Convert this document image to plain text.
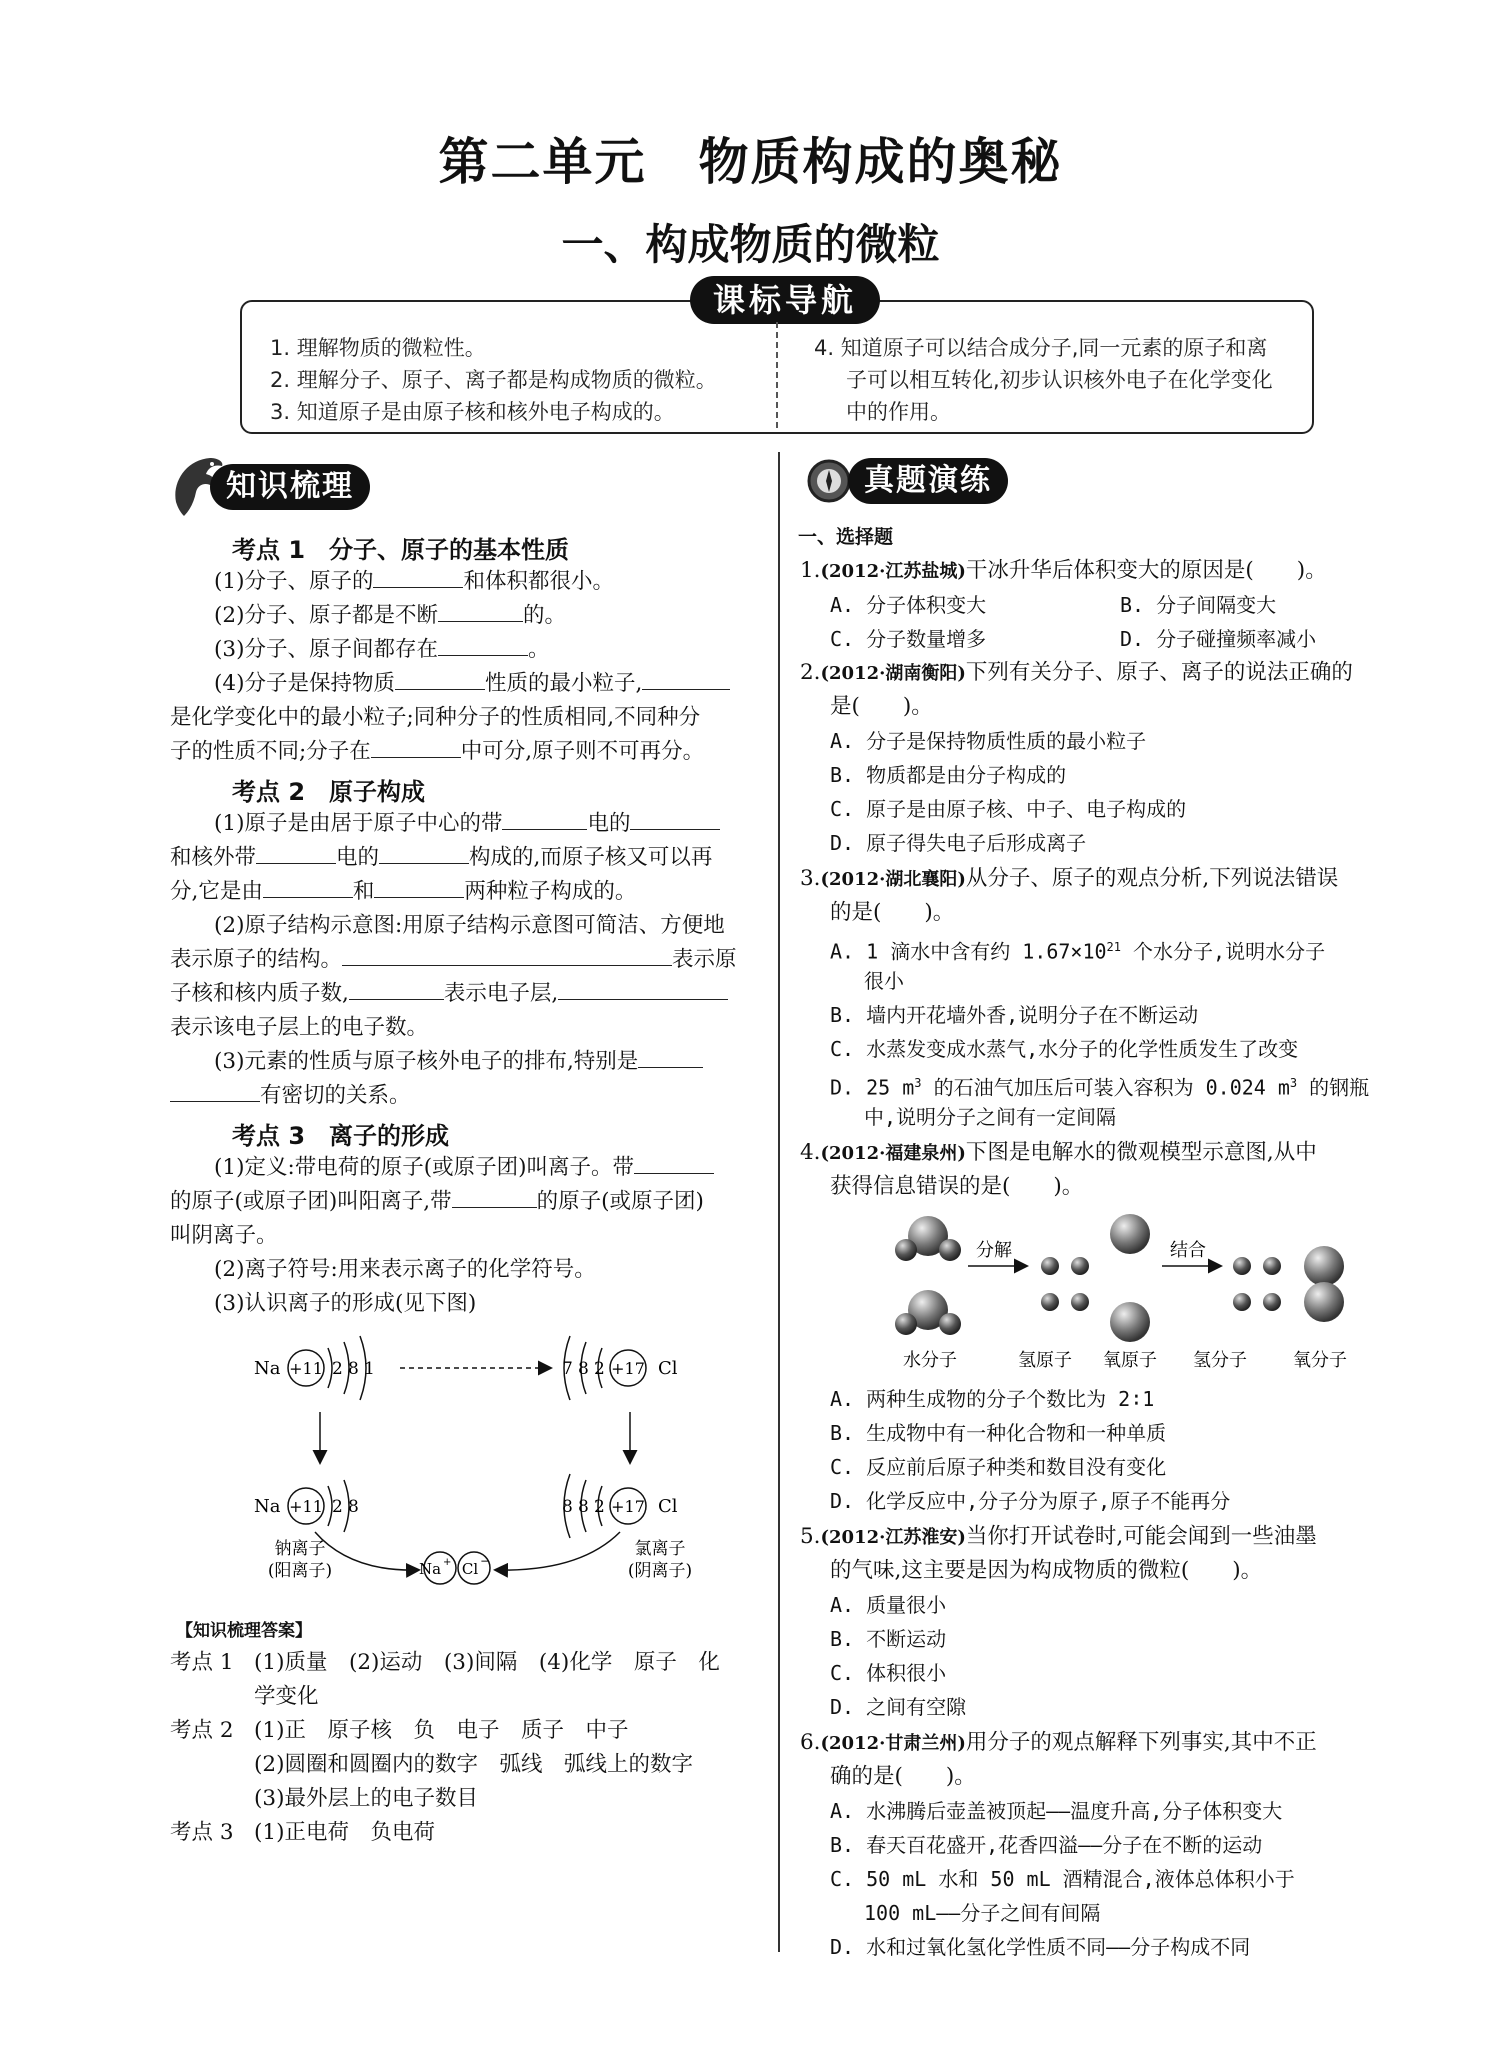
第二单元　物质构成的奥秘
一、构成物质的微粒
课标导航
1. 理解物质的微粒性。
2. 理解分子、原子、离子都是构成物质的微粒。
3. 知道原子是由原子核和核外电子构成的。
4. 知道原子可以结合成分子,同一元素的原子和离
子可以相互转化,初步认识核外电子在化学变化
中的作用。
知识梳理
考点 1　分子、原子的基本性质
(1)分子、原子的	和体积都很小。
(2)分子、原子都是不断	的。
(3)分子、原子间都存在	。
(4)分子是保持物质	性质的最小粒子,
是化学变化中的最小粒子;同种分子的性质相同,不同种分
子的性质不同;分子在	中可分,原子则不可再分。
考点 2　原子构成
(1)原子是由居于原子中心的带	电的
和核外带	电的	构成的,而原子核又可以再
分,它是由	和	两种粒子构成的。
(2)原子结构示意图:用原子结构示意图可简洁、方便地
表示原子的结构。	表示原
子核和核内质子数,	表示电子层,
表示该电子层上的电子数。
(3)元素的性质与原子核外电子的排布,特别是
有密切的关系。
考点 3　离子的形成
(1)定义:带电荷的原子(或原子团)叫离子。带
的原子(或原子团)叫阳离子,带	的原子(或原子团)
叫阴离子。
(2)离子符号:用来表示离子的化学符号。
(3)认识离子的形成(见下图)
Na +11 2 8 1	7 8 2 +17 Cl
Na +11 2 8
钠离子
(阳离子)
8 8 2 +17 Cl
氯离子
(阴离子)
Na + Cl −
【知识梳理答案】
考点 1 (1)质量　(2)运动　(3)间隔　(4)化学　原子　化
学变化
考点 2 (1)正　原子核　负　电子　质子　中子
(2)圆圈和圆圈内的数字　弧线　弧线上的数字
(3)最外层上的电子数目
考点 3 (1)正电荷　负电荷
真题演练
一、选择题
1.(2012·江苏盐城)干冰升华后体积变大的原因是(　　)。
A. 分子体积变大	B. 分子间隔变大
C. 分子数量增多	D. 分子碰撞频率减小
2.(2012·湖南衡阳)下列有关分子、原子、离子的说法正确的
是(　　)。
A. 分子是保持物质性质的最小粒子
B. 物质都是由分子构成的
C. 原子是由原子核、中子、电子构成的
D. 原子得失电子后形成离子
3.(2012·湖北襄阳)从分子、原子的观点分析,下列说法错误
的是(　　)。
A. 1 滴水中含有约 $1.67\times 10^{21}$ 个水分子,说明水分子
很小
B. 墙内开花墙外香,说明分子在不断运动
C. 水蒸发变成水蒸气,水分子的化学性质发生了改变
D. 25 $m^3$ 的石油气加压后可装入容积为 0.024 $m^3$ 的钢瓶
中,说明分子之间有一定间隔
4.(2012·福建泉州)下图是电解水的微观模型示意图,从中
获得信息错误的是(　　)。
分解	结合
水分子	氢原子 氧原子 氢分子	氧分子
A. 两种生成物的分子个数比为 2∶1
B. 生成物中有一种化合物和一种单质
C. 反应前后原子种类和数目没有变化
D. 化学反应中,分子分为原子,原子不能再分
5.(2012·江苏淮安)当你打开试卷时,可能会闻到一些油墨
的气味,这主要是因为构成物质的微粒(　　)。
A. 质量很小
B. 不断运动
C. 体积很小
D. 之间有空隙
6.(2012·甘肃兰州)用分子的观点解释下列事实,其中不正
确的是(　　)。
A. 水沸腾后壶盖被顶起——温度升高,分子体积变大
B. 春天百花盛开,花香四溢——分子在不断的运动
C. 50 mL 水和 50 mL 酒精混合,液体总体积小于
100 mL——分子之间有间隔
D. 水和过氧化氢化学性质不同——分子构成不同
